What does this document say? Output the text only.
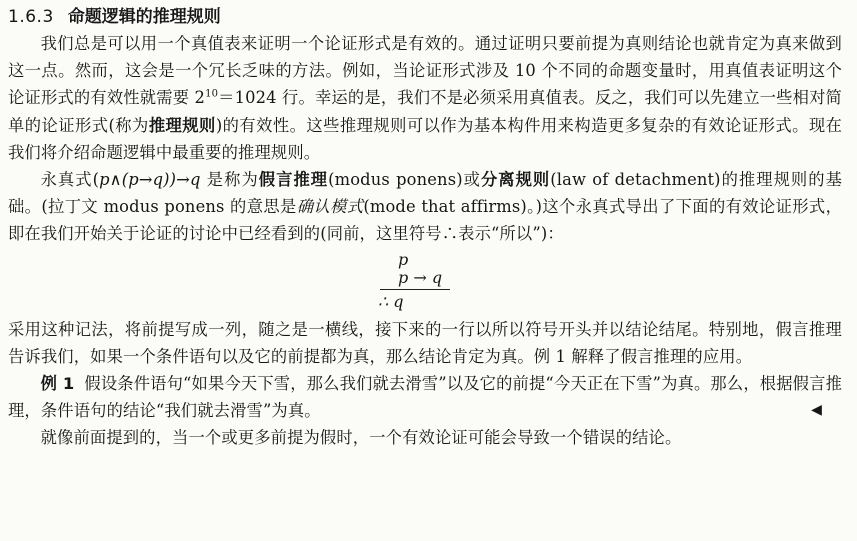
1.6.3 命题逻辑的推理规则

我们总是可以用一个真值表来证明一个论证形式是有效的。通过证明只要前提为真则结论也就肯定为真来做到这一点。然而，这会是一个冗长乏味的方法。例如，当论证形式涉及 10 个不同的命题变量时，用真值表证明这个论证形式的有效性就需要 $2^{10}=1024$ 行。幸运的是，我们不是必须采用真值表。反之，我们可以先建立一些相对简单的论证形式(称为推理规则)的有效性。这些推理规则可以作为基本构件用来构造更多复杂的有效论证形式。现在我们将介绍命题逻辑中最重要的推理规则。

永真式(p∧(p→q))→q 是称为假言推理(modus ponens)或分离规则(law of detachment)的推理规则的基础。(拉丁文 modus ponens 的意思是确认模式(mode that affirms)。)这个永真式导出了下面的有效论证形式，即在我们开始关于论证的讨论中已经看到的(同前，这里符号∴表示“所以”)：

p
p → q
∴ q

采用这种记法，将前提写成一列，随之是一横线，接下来的一行以所以符号开头并以结论结尾。特别地，假言推理告诉我们，如果一个条件语句以及它的前提都为真，那么结论肯定为真。例 1 解释了假言推理的应用。

例 1 假设条件语句“如果今天下雪，那么我们就去滑雪”以及它的前提“今天正在下雪”为真。那么，根据假言推理，条件语句的结论“我们就去滑雪”为真。	◀

就像前面提到的，当一个或更多前提为假时，一个有效论证可能会导致一个错误的结论。
